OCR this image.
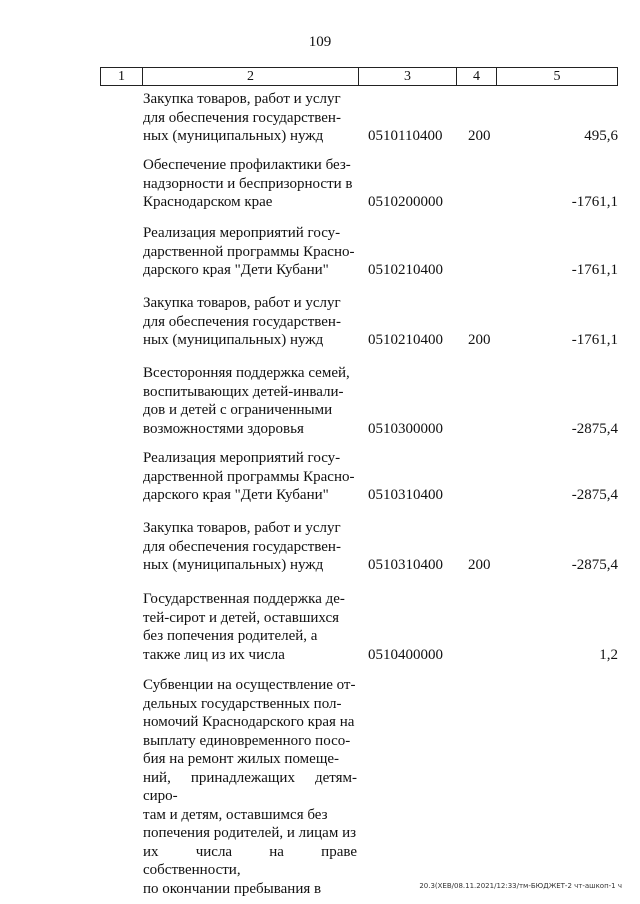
109
1	2	3	4	5
Закупка товаров, работ и услуг
для обеспечения государствен-
ных (муниципальных) нужд	0510110400 200	495,6
Обеспечение профилактики без-
надзорности и беспризорности в
Краснодарском крае	0510200000	-1761,1
Реализация мероприятий госу-
дарственной программы Красно-
дарского края "Дети Кубани"	0510210400	-1761,1
Закупка товаров, работ и услуг
для обеспечения государствен-
ных (муниципальных) нужд	0510210400 200	-1761,1
Всесторонняя поддержка семей,
воспитывающих детей-инвали-
дов и детей с ограниченными
возможностями здоровья	0510300000	-2875,4
Реализация мероприятий госу-
дарственной программы Красно-
дарского края "Дети Кубани"	0510310400	-2875,4
Закупка товаров, работ и услуг
для обеспечения государствен-
ных (муниципальных) нужд	0510310400 200	-2875,4
Государственная поддержка де-
тей-сирот и детей, оставшихся
без попечения родителей, а
также лиц из их числа	0510400000	1,2
Субвенции на осуществление от-
дельных государственных пол-
номочий Краснодарского края на
выплату единовременного посо-
бия на ремонт жилых помеще-
ний, принадлежащих детям-сиро-
там и детям, оставшимся без
попечения родителей, и лицам из
их числа на праве собственности,
по окончании пребывания в	20.3(XEB/08.11.2021/12:33/тм-БЮДЖЕТ-2 чт-ашкоп-1 ч
